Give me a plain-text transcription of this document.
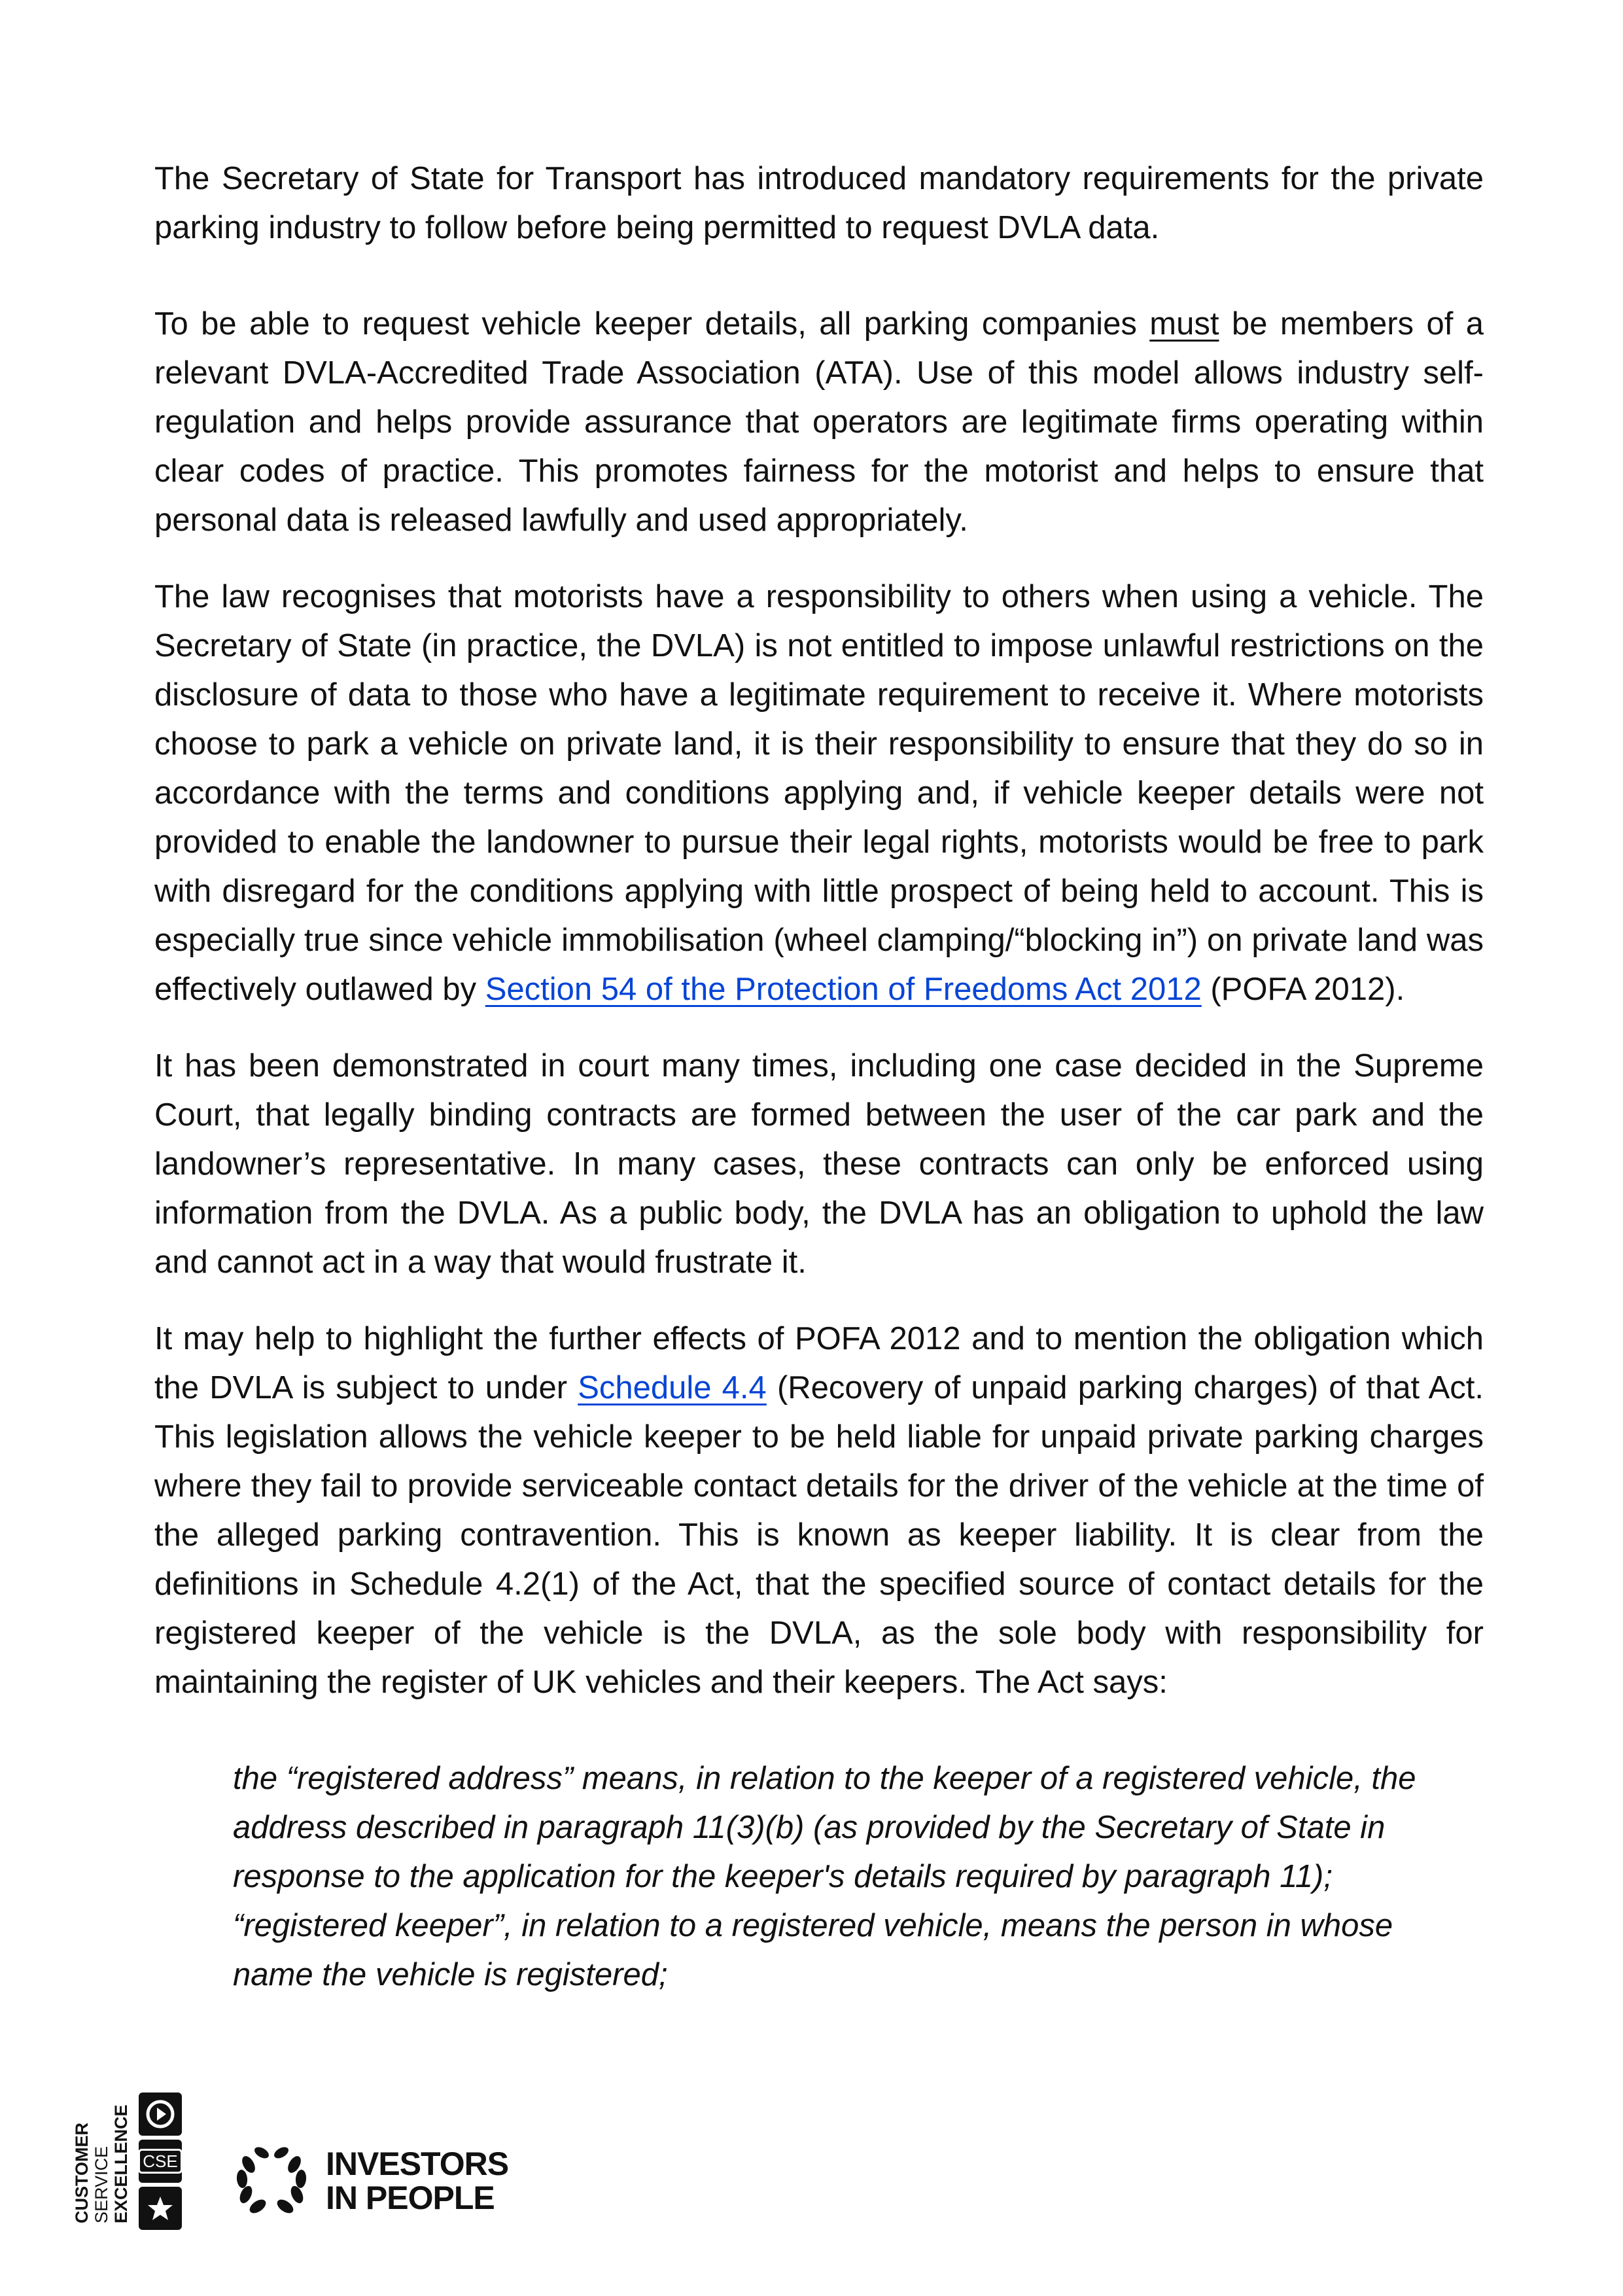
The Secretary of State for Transport has introduced mandatory requirements for the private parking industry to follow before being permitted to request DVLA data.

To be able to request vehicle keeper details, all parking companies must be members of a relevant DVLA-Accredited Trade Association (ATA). Use of this model allows industry self-regulation and helps provide assurance that operators are legitimate firms operating within clear codes of practice. This promotes fairness for the motorist and helps to ensure that personal data is released lawfully and used appropriately.

The law recognises that motorists have a responsibility to others when using a vehicle. The Secretary of State (in practice, the DVLA) is not entitled to impose unlawful restrictions on the disclosure of data to those who have a legitimate requirement to receive it. Where motorists choose to park a vehicle on private land, it is their responsibility to ensure that they do so in accordance with the terms and conditions applying and, if vehicle keeper details were not provided to enable the landowner to pursue their legal rights, motorists would be free to park with disregard for the conditions applying with little prospect of being held to account. This is especially true since vehicle immobilisation (wheel clamping/“blocking in”) on private land was effectively outlawed by Section 54 of the Protection of Freedoms Act 2012 (POFA 2012).

It has been demonstrated in court many times, including one case decided in the Supreme Court, that legally binding contracts are formed between the user of the car park and the landowner’s representative. In many cases, these contracts can only be enforced using information from the DVLA. As a public body, the DVLA has an obligation to uphold the law and cannot act in a way that would frustrate it.

It may help to highlight the further effects of POFA 2012 and to mention the obligation which the DVLA is subject to under Schedule 4.4 (Recovery of unpaid parking charges) of that Act. This legislation allows the vehicle keeper to be held liable for unpaid private parking charges where they fail to provide serviceable contact details for the driver of the vehicle at the time of the alleged parking contravention. This is known as keeper liability. It is clear from the definitions in Schedule 4.2(1) of the Act, that the specified source of contact details for the registered keeper of the vehicle is the DVLA, as the sole body with responsibility for maintaining the register of UK vehicles and their keepers. The Act says:

the “registered address” means, in relation to the keeper of a registered vehicle, the address described in paragraph 11(3)(b) (as provided by the Secretary of State in response to the application for the keeper's details required by paragraph 11);

“registered keeper”, in relation to a registered vehicle, means the person in whose name the vehicle is registered;

CUSTOMER SERVICE EXCELLENCE CSE	INVESTORS
IN PEOPLE
